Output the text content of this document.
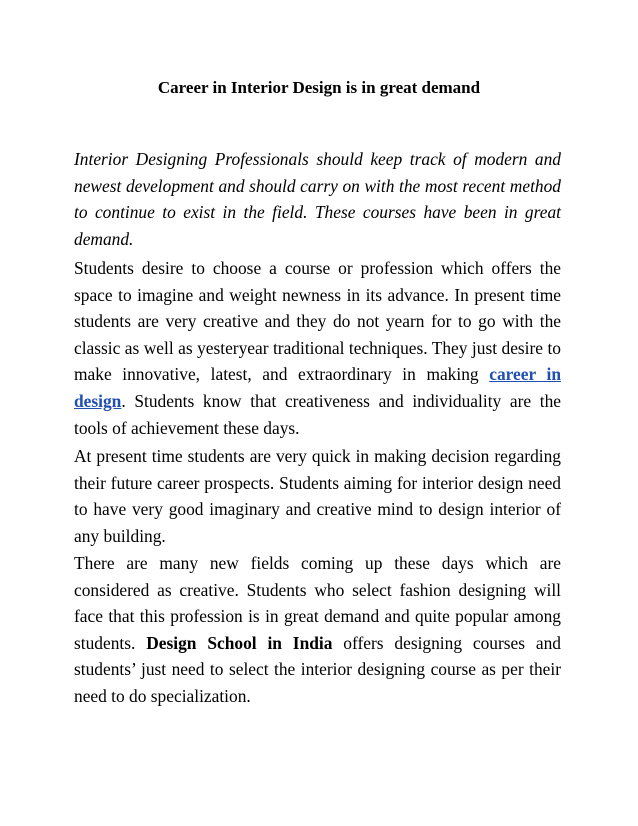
Career in Interior Design is in great demand

Interior Designing Professionals should keep track of modern and newest development and should carry on with the most recent method to continue to exist in the field. These courses have been in great demand.

Students desire to choose a course or profession which offers the space to imagine and weight newness in its advance. In present time students are very creative and they do not yearn for to go with the classic as well as yesteryear traditional techniques. They just desire to make innovative, latest, and extraordinary in making career in design. Students know that creativeness and individuality are the tools of achievement these days.

At present time students are very quick in making decision regarding their future career prospects. Students aiming for interior design need to have very good imaginary and creative mind to design interior of any building.

There are many new fields coming up these days which are considered as creative. Students who select fashion designing will face that this profession is in great demand and quite popular among students. Design School in India offers designing courses and students’ just need to select the interior designing course as per their need to do specialization.
